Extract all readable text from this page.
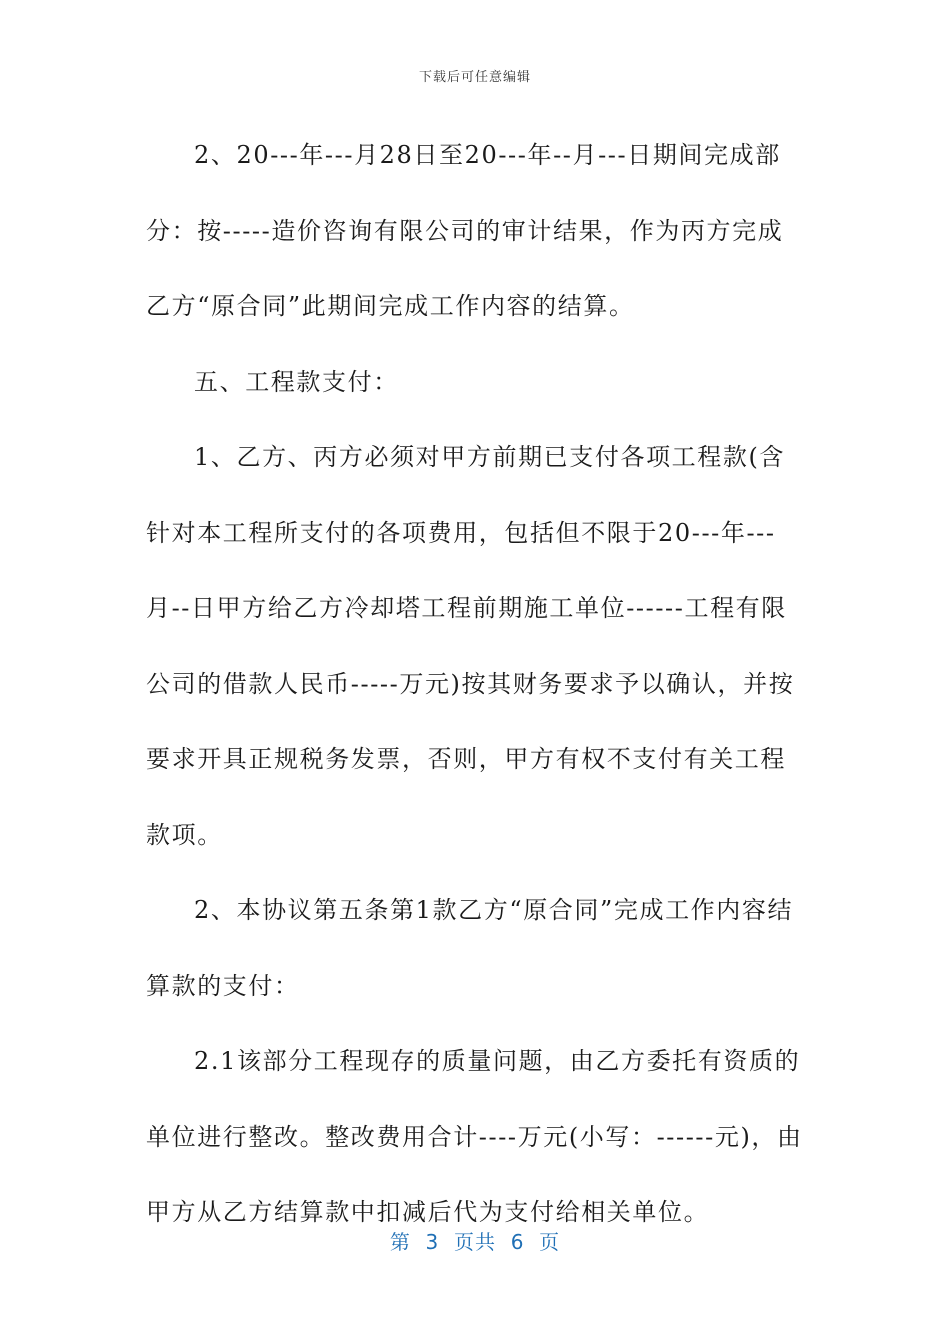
下载后可任意编辑

2、20---年---月28日至20---年--月---日期间完成部分：按-----造价咨询有限公司的审计结果，作为丙方完成乙方“原合同”此期间完成工作内容的结算。

五、工程款支付：

1、乙方、丙方必须对甲方前期已支付各项工程款(含针对本工程所支付的各项费用，包括但不限于20---年---月--日甲方给乙方冷却塔工程前期施工单位------工程有限公司的借款人民币-----万元)按其财务要求予以确认，并按要求开具正规税务发票，否则，甲方有权不支付有关工程款项。

2、本协议第五条第1款乙方“原合同”完成工作内容结算款的支付：

2.1该部分工程现存的质量问题，由乙方委托有资质的单位进行整改。整改费用合计----万元(小写：------元)，由甲方从乙方结算款中扣减后代为支付给相关单位。

第  3  页共  6  页
